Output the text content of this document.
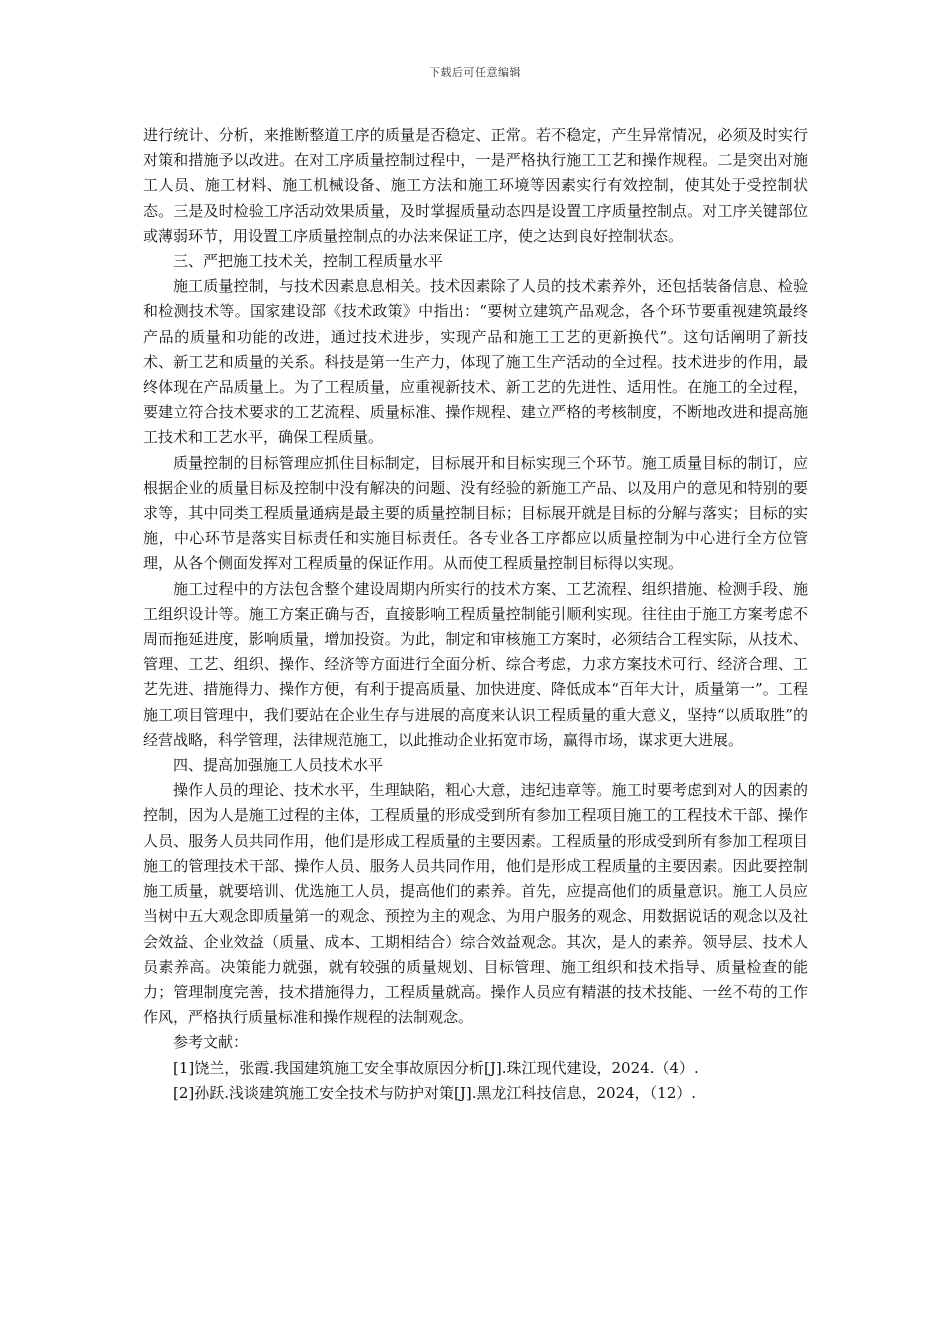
下载后可任意编辑

进行统计、分析，来推断整道工序的质量是否稳定、正常。若不稳定，产生异常情况，必须及时实行对策和措施予以改进。在对工序质量控制过程中，一是严格执行施工工艺和操作规程。二是突出对施工人员、施工材料、施工机械设备、施工方法和施工环境等因素实行有效控制，使其处于受控制状态。三是及时检验工序活动效果质量，及时掌握质量动态四是设置工序质量控制点。对工序关键部位或薄弱环节，用设置工序质量控制点的办法来保证工序，使之达到良好控制状态。

三、严把施工技术关，控制工程质量水平

施工质量控制，与技术因素息息相关。技术因素除了人员的技术素养外，还包括装备信息、检验和检测技术等。国家建设部《技术政策》中指出：“要树立建筑产品观念，各个环节要重视建筑最终产品的质量和功能的改进，通过技术进步，实现产品和施工工艺的更新换代”。这句话阐明了新技术、新工艺和质量的关系。科技是第一生产力，体现了施工生产活动的全过程。技术进步的作用，最终体现在产品质量上。为了工程质量，应重视新技术、新工艺的先进性、适用性。在施工的全过程，要建立符合技术要求的工艺流程、质量标准、操作规程、建立严格的考核制度，不断地改进和提高施工技术和工艺水平，确保工程质量。

质量控制的目标管理应抓住目标制定，目标展开和目标实现三个环节。施工质量目标的制订，应根据企业的质量目标及控制中没有解决的问题、没有经验的新施工产品、以及用户的意见和特别的要求等，其中同类工程质量通病是最主要的质量控制目标；目标展开就是目标的分解与落实；目标的实施，中心环节是落实目标责任和实施目标责任。各专业各工序都应以质量控制为中心进行全方位管理，从各个侧面发挥对工程质量的保证作用。从而使工程质量控制目标得以实现。

施工过程中的方法包含整个建设周期内所实行的技术方案、工艺流程、组织措施、检测手段、施工组织设计等。施工方案正确与否，直接影响工程质量控制能引顺利实现。往往由于施工方案考虑不周而拖延进度，影响质量，增加投资。为此，制定和审核施工方案时，必须结合工程实际，从技术、管理、工艺、组织、操作、经济等方面进行全面分析、综合考虑，力求方案技术可行、经济合理、工艺先进、措施得力、操作方便，有利于提高质量、加快进度、降低成本“百年大计，质量第一”。工程施工项目管理中，我们要站在企业生存与进展的高度来认识工程质量的重大意义，坚持“以质取胜”的经营战略，科学管理，法律规范施工，以此推动企业拓宽市场，赢得市场，谋求更大进展。

四、提高加强施工人员技术水平

操作人员的理论、技术水平，生理缺陷，粗心大意，违纪违章等。施工时要考虑到对人的因素的控制，因为人是施工过程的主体，工程质量的形成受到所有参加工程项目施工的工程技术干部、操作人员、服务人员共同作用，他们是形成工程质量的主要因素。工程质量的形成受到所有参加工程项目施工的管理技术干部、操作人员、服务人员共同作用，他们是形成工程质量的主要因素。因此要控制施工质量，就要培训、优选施工人员，提高他们的素养。首先，应提高他们的质量意识。施工人员应当树中五大观念即质量第一的观念、预控为主的观念、为用户服务的观念、用数据说话的观念以及社会效益、企业效益（质量、成本、工期相结合）综合效益观念。其次，是人的素养。领导层、技术人员素养高。决策能力就强，就有较强的质量规划、目标管理、施工组织和技术指导、质量检查的能力；管理制度完善，技术措施得力，工程质量就高。操作人员应有精湛的技术技能、一丝不苟的工作作风，严格执行质量标准和操作规程的法制观念。

参考文献：

[1]饶兰，张霞.我国建筑施工安全事故原因分析[J].珠江现代建设，2024.（4）.

[2]孙跃.浅谈建筑施工安全技术与防护对策[J].黑龙江科技信息，2024，（12）.
